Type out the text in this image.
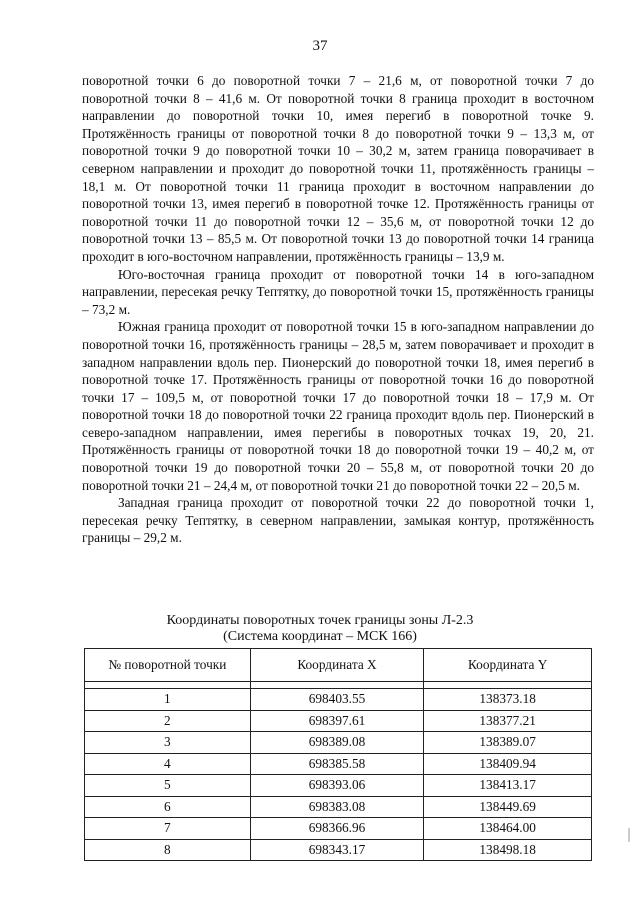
37

поворотной точки 6 до поворотной точки 7 – 21,6 м, от поворотной точки 7 до поворотной точки 8 – 41,6 м. От поворотной точки 8 граница проходит в восточном направлении до поворотной точки 10, имея перегиб в поворотной точке 9. Протяжённость границы от поворотной точки 8 до поворотной точки 9 – 13,3 м, от поворотной точки 9 до поворотной точки 10 – 30,2 м, затем граница поворачивает в северном направлении и проходит до поворотной точки 11, протяжённость границы – 18,1 м. От поворотной точки 11 граница проходит в восточном направлении до поворотной точки 13, имея перегиб в поворотной точке 12. Протяжённость границы от поворотной точки 11 до поворотной точки 12 – 35,6 м, от поворотной точки 12 до поворотной точки 13 – 85,5 м. От поворотной точки 13 до поворотной точки 14 граница проходит в юго-восточном направлении, протяжённость границы – 13,9 м.

Юго-восточная граница проходит от поворотной точки 14 в юго-западном направлении, пересекая речку Тептятку, до поворотной точки 15, протяжённость границы – 73,2 м.

Южная граница проходит от поворотной точки 15 в юго-западном направлении до поворотной точки 16, протяжённость границы – 28,5 м, затем поворачивает и проходит в западном направлении вдоль пер. Пионерский до поворотной точки 18, имея перегиб в поворотной точке 17. Протяжённость границы от поворотной точки 16 до поворотной точки 17 – 109,5 м, от поворотной точки 17 до поворотной точки 18 – 17,9 м. От поворотной точки 18 до поворотной точки 22 граница проходит вдоль пер. Пионерский в северо-западном направлении, имея перегибы в поворотных точках 19, 20, 21. Протяжённость границы от поворотной точки 18 до поворотной точки 19 – 40,2 м, от поворотной точки 19 до поворотной точки 20 – 55,8 м, от поворотной точки 20 до поворотной точки 21 – 24,4 м, от поворотной точки 21 до поворотной точки 22 – 20,5 м.

Западная граница проходит от поворотной точки 22 до поворотной точки 1, пересекая речку Тептятку, в северном направлении, замыкая контур, протяжённость границы – 29,2 м.

Координаты поворотных точек границы зоны Л-2.3
(Система координат – МСК 166)
№ поворотной точки	Координата X	Координата Y

1	698403.55	138373.18
2	698397.61	138377.21
3	698389.08	138389.07
4	698385.58	138409.94
5	698393.06	138413.17
6	698383.08	138449.69
7	698366.96	138464.00
8	698343.17	138498.18
